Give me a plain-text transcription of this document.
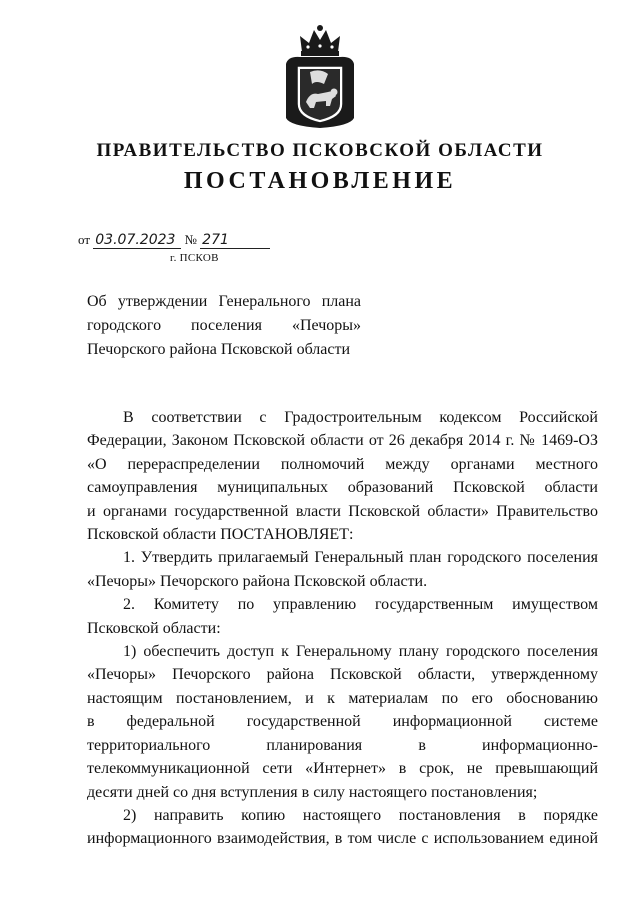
ПРАВИТЕЛЬСТВО ПСКОВСКОЙ ОБЛАСТИ
ПОСТАНОВЛЕНИЕ
от 03.07.2023 № 271
г. ПСКОВ
Об утверждении Генерального плана
городского поселения «Печоры»
Печорского района Псковской области
В соответствии с Градостроительным кодексом Российской
Федерации, Законом Псковской области от 26 декабря 2014 г. № 1469-ОЗ
«О перераспределении полномочий между органами местного
самоуправления муниципальных образований Псковской области
и органами государственной власти Псковской области» Правительство
Псковской области ПОСТАНОВЛЯЕТ:
1. Утвердить прилагаемый Генеральный план городского поселения
«Печоры» Печорского района Псковской области.
2. Комитету по управлению государственным имуществом
Псковской области:
1) обеспечить доступ к Генеральному плану городского поселения
«Печоры» Печорского района Псковской области, утвержденному
настоящим постановлением, и к материалам по его обоснованию
в федеральной государственной информационной системе
территориального планирования в информационно-
телекоммуникационной сети «Интернет» в срок, не превышающий
десяти дней со дня вступления в силу настоящего постановления;
2) направить копию настоящего постановления в порядке
информационного взаимодействия, в том числе с использованием единой
